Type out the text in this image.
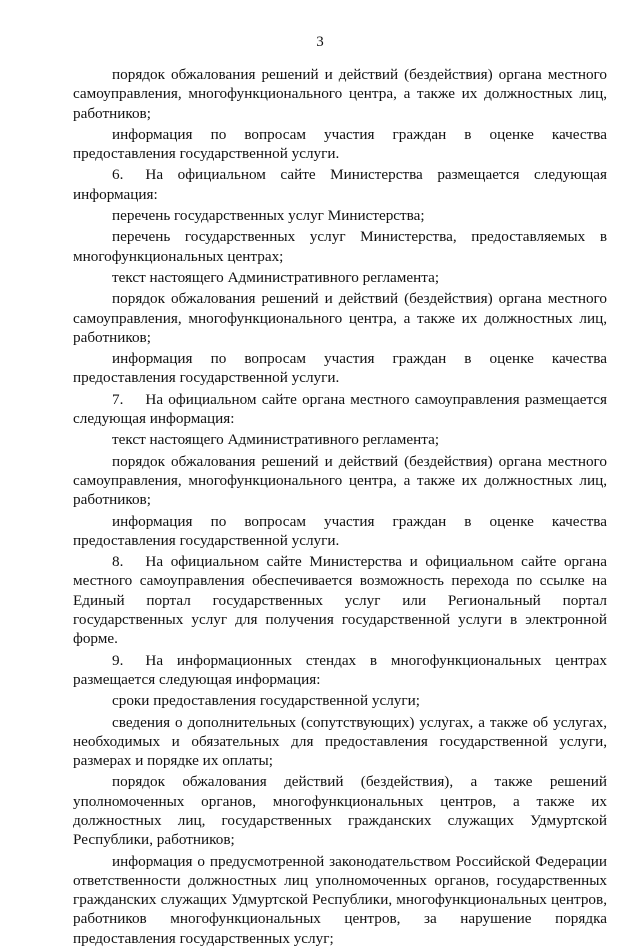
3

порядок обжалования решений и действий (бездействия) органа местного самоуправления, многофункционального центра, а также их должностных лиц, работников;

информация по вопросам участия граждан в оценке качества предоставления государственной услуги.

6. На официальном сайте Министерства размещается следующая информация:

перечень государственных услуг Министерства;

перечень государственных услуг Министерства, предоставляемых в многофункциональных центрах;

текст настоящего Административного регламента;

порядок обжалования решений и действий (бездействия) органа местного самоуправления, многофункционального центра, а также их должностных лиц, работников;

информация по вопросам участия граждан в оценке качества предоставления государственной услуги.

7. На официальном сайте органа местного самоуправления размещается следующая информация:

текст настоящего Административного регламента;

порядок обжалования решений и действий (бездействия) органа местного самоуправления, многофункционального центра, а также их должностных лиц, работников;

информация по вопросам участия граждан в оценке качества предоставления государственной услуги.

8. На официальном сайте Министерства и официальном сайте органа местного самоуправления обеспечивается возможность перехода по ссылке на Единый портал государственных услуг или Региональный портал государственных услуг для получения государственной услуги в электронной форме.

9. На информационных стендах в многофункциональных центрах размещается следующая информация:

сроки предоставления государственной услуги;

сведения о дополнительных (сопутствующих) услугах, а также об услугах, необходимых и обязательных для предоставления государственной услуги, размерах и порядке их оплаты;

порядок обжалования действий (бездействия), а также решений уполномоченных органов, многофункциональных центров, а также их должностных лиц, государственных гражданских служащих Удмуртской Республики, работников;

информация о предусмотренной законодательством Российской Федерации ответственности должностных лиц уполномоченных органов, государственных гражданских служащих Удмуртской Республики, многофункциональных центров, работников многофункциональных центров, за нарушение порядка предоставления государственных услуг;
